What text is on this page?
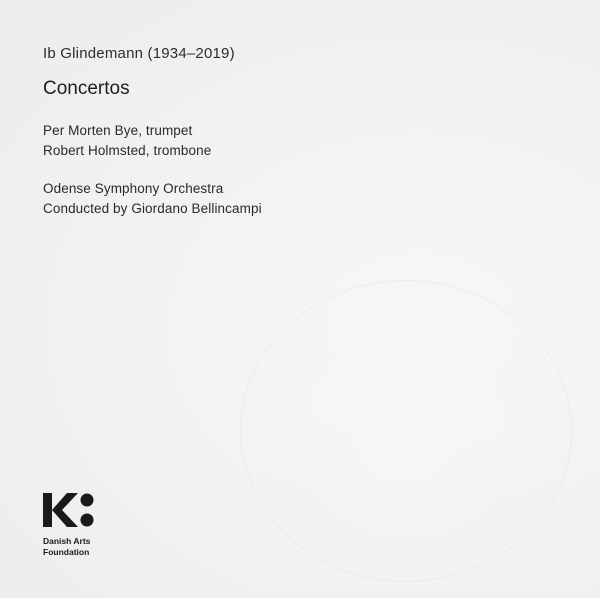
Ib Glindemann (1934–2019)
Concertos
Per Morten Bye, trumpet
Robert Holmsted, trombone
Odense Symphony Orchestra
Conducted by Giordano Bellincampi
Danish Arts
Foundation
